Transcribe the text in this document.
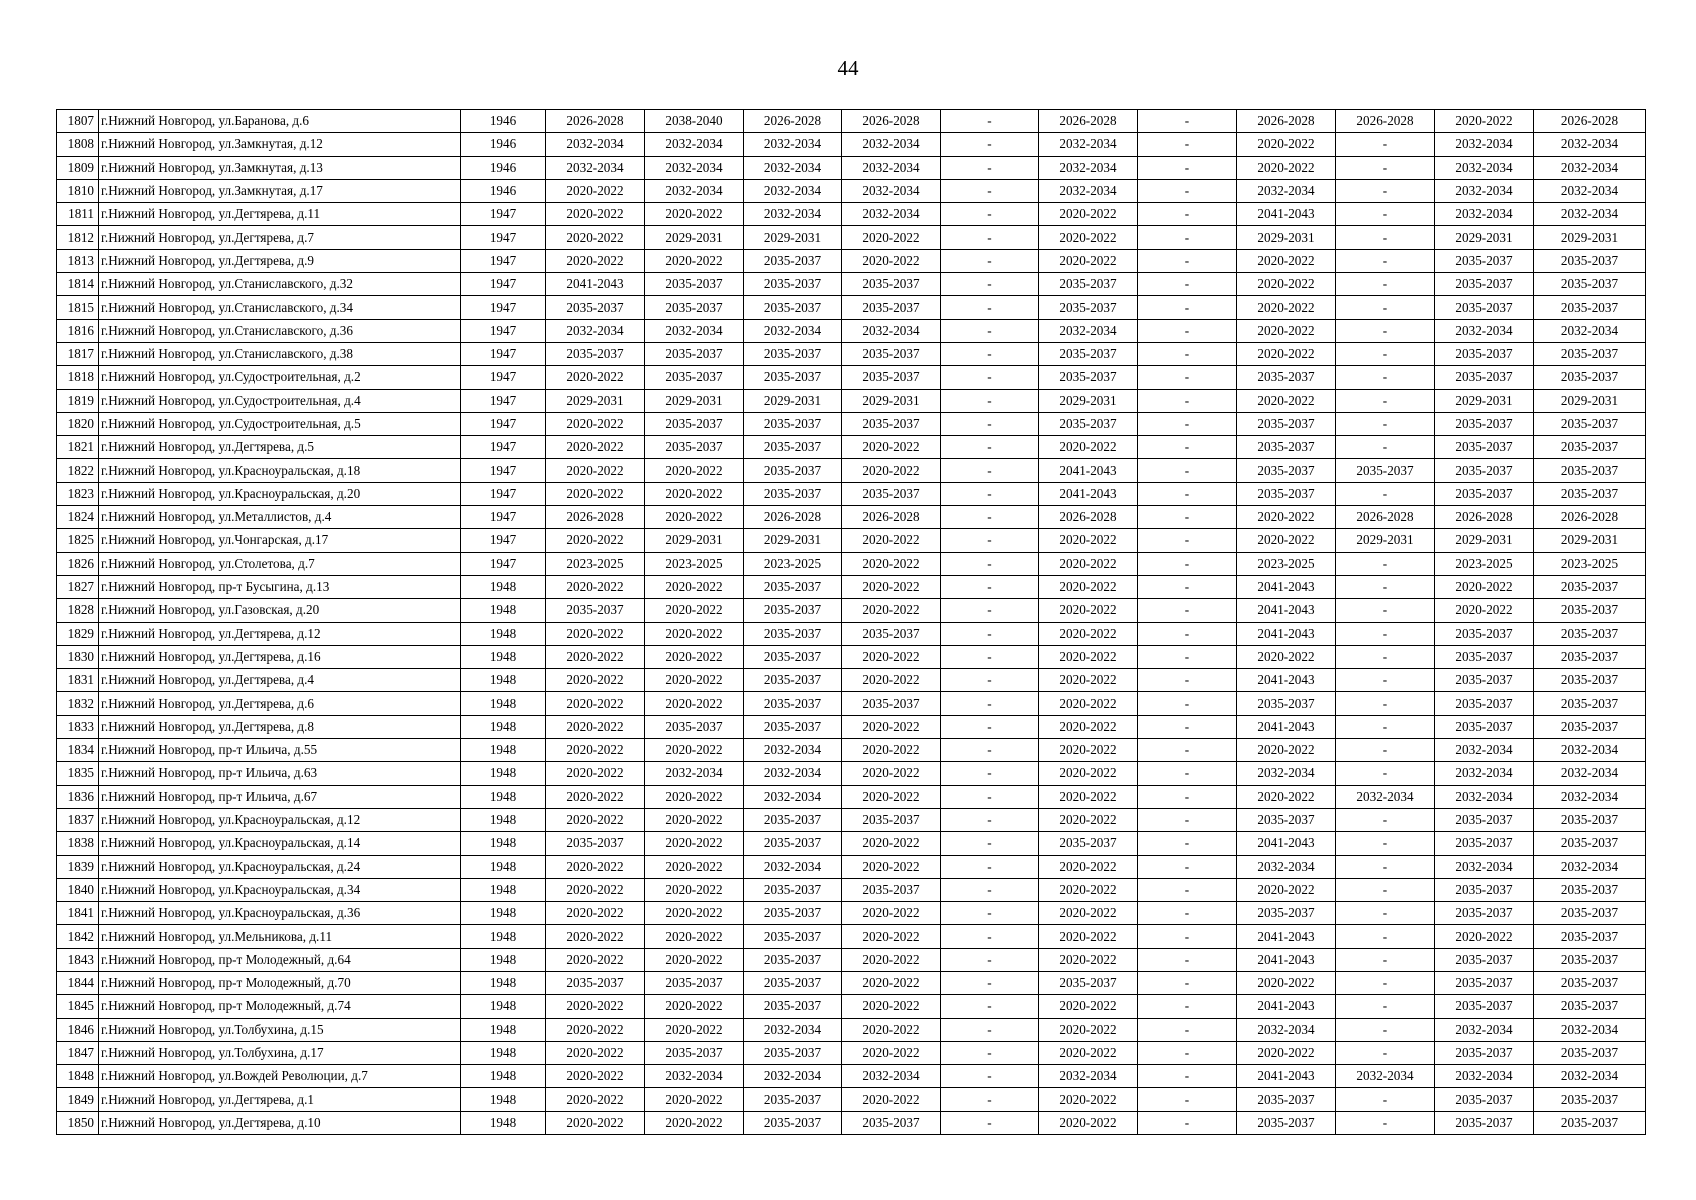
44
1807	г.Нижний Новгород, ул.Баранова, д.6	1946	2026-2028	2038-2040	2026-2028	2026-2028	-	2026-2028	-	2026-2028	2026-2028	2020-2022	2026-2028
1808	г.Нижний Новгород, ул.Замкнутая, д.12	1946	2032-2034	2032-2034	2032-2034	2032-2034	-	2032-2034	-	2020-2022	-	2032-2034	2032-2034
1809	г.Нижний Новгород, ул.Замкнутая, д.13	1946	2032-2034	2032-2034	2032-2034	2032-2034	-	2032-2034	-	2020-2022	-	2032-2034	2032-2034
1810	г.Нижний Новгород, ул.Замкнутая, д.17	1946	2020-2022	2032-2034	2032-2034	2032-2034	-	2032-2034	-	2032-2034	-	2032-2034	2032-2034
1811	г.Нижний Новгород, ул.Дегтярева, д.11	1947	2020-2022	2020-2022	2032-2034	2032-2034	-	2020-2022	-	2041-2043	-	2032-2034	2032-2034
1812	г.Нижний Новгород, ул.Дегтярева, д.7	1947	2020-2022	2029-2031	2029-2031	2020-2022	-	2020-2022	-	2029-2031	-	2029-2031	2029-2031
1813	г.Нижний Новгород, ул.Дегтярева, д.9	1947	2020-2022	2020-2022	2035-2037	2020-2022	-	2020-2022	-	2020-2022	-	2035-2037	2035-2037
1814	г.Нижний Новгород, ул.Станиславского, д.32	1947	2041-2043	2035-2037	2035-2037	2035-2037	-	2035-2037	-	2020-2022	-	2035-2037	2035-2037
1815	г.Нижний Новгород, ул.Станиславского, д.34	1947	2035-2037	2035-2037	2035-2037	2035-2037	-	2035-2037	-	2020-2022	-	2035-2037	2035-2037
1816	г.Нижний Новгород, ул.Станиславского, д.36	1947	2032-2034	2032-2034	2032-2034	2032-2034	-	2032-2034	-	2020-2022	-	2032-2034	2032-2034
1817	г.Нижний Новгород, ул.Станиславского, д.38	1947	2035-2037	2035-2037	2035-2037	2035-2037	-	2035-2037	-	2020-2022	-	2035-2037	2035-2037
1818	г.Нижний Новгород, ул.Судостроительная, д.2	1947	2020-2022	2035-2037	2035-2037	2035-2037	-	2035-2037	-	2035-2037	-	2035-2037	2035-2037
1819	г.Нижний Новгород, ул.Судостроительная, д.4	1947	2029-2031	2029-2031	2029-2031	2029-2031	-	2029-2031	-	2020-2022	-	2029-2031	2029-2031
1820	г.Нижний Новгород, ул.Судостроительная, д.5	1947	2020-2022	2035-2037	2035-2037	2035-2037	-	2035-2037	-	2035-2037	-	2035-2037	2035-2037
1821	г.Нижний Новгород, ул.Дегтярева, д.5	1947	2020-2022	2035-2037	2035-2037	2020-2022	-	2020-2022	-	2035-2037	-	2035-2037	2035-2037
1822	г.Нижний Новгород, ул.Красноуральская, д.18	1947	2020-2022	2020-2022	2035-2037	2020-2022	-	2041-2043	-	2035-2037	2035-2037	2035-2037	2035-2037
1823	г.Нижний Новгород, ул.Красноуральская, д.20	1947	2020-2022	2020-2022	2035-2037	2035-2037	-	2041-2043	-	2035-2037	-	2035-2037	2035-2037
1824	г.Нижний Новгород, ул.Металлистов, д.4	1947	2026-2028	2020-2022	2026-2028	2026-2028	-	2026-2028	-	2020-2022	2026-2028	2026-2028	2026-2028
1825	г.Нижний Новгород, ул.Чонгарская, д.17	1947	2020-2022	2029-2031	2029-2031	2020-2022	-	2020-2022	-	2020-2022	2029-2031	2029-2031	2029-2031
1826	г.Нижний Новгород, ул.Столетова, д.7	1947	2023-2025	2023-2025	2023-2025	2020-2022	-	2020-2022	-	2023-2025	-	2023-2025	2023-2025
1827	г.Нижний Новгород, пр-т Бусыгина, д.13	1948	2020-2022	2020-2022	2035-2037	2020-2022	-	2020-2022	-	2041-2043	-	2020-2022	2035-2037
1828	г.Нижний Новгород, ул.Газовская, д.20	1948	2035-2037	2020-2022	2035-2037	2020-2022	-	2020-2022	-	2041-2043	-	2020-2022	2035-2037
1829	г.Нижний Новгород, ул.Дегтярева, д.12	1948	2020-2022	2020-2022	2035-2037	2035-2037	-	2020-2022	-	2041-2043	-	2035-2037	2035-2037
1830	г.Нижний Новгород, ул.Дегтярева, д.16	1948	2020-2022	2020-2022	2035-2037	2020-2022	-	2020-2022	-	2020-2022	-	2035-2037	2035-2037
1831	г.Нижний Новгород, ул.Дегтярева, д.4	1948	2020-2022	2020-2022	2035-2037	2020-2022	-	2020-2022	-	2041-2043	-	2035-2037	2035-2037
1832	г.Нижний Новгород, ул.Дегтярева, д.6	1948	2020-2022	2020-2022	2035-2037	2035-2037	-	2020-2022	-	2035-2037	-	2035-2037	2035-2037
1833	г.Нижний Новгород, ул.Дегтярева, д.8	1948	2020-2022	2035-2037	2035-2037	2020-2022	-	2020-2022	-	2041-2043	-	2035-2037	2035-2037
1834	г.Нижний Новгород, пр-т Ильича, д.55	1948	2020-2022	2020-2022	2032-2034	2020-2022	-	2020-2022	-	2020-2022	-	2032-2034	2032-2034
1835	г.Нижний Новгород, пр-т Ильича, д.63	1948	2020-2022	2032-2034	2032-2034	2020-2022	-	2020-2022	-	2032-2034	-	2032-2034	2032-2034
1836	г.Нижний Новгород, пр-т Ильича, д.67	1948	2020-2022	2020-2022	2032-2034	2020-2022	-	2020-2022	-	2020-2022	2032-2034	2032-2034	2032-2034
1837	г.Нижний Новгород, ул.Красноуральская, д.12	1948	2020-2022	2020-2022	2035-2037	2035-2037	-	2020-2022	-	2035-2037	-	2035-2037	2035-2037
1838	г.Нижний Новгород, ул.Красноуральская, д.14	1948	2035-2037	2020-2022	2035-2037	2020-2022	-	2035-2037	-	2041-2043	-	2035-2037	2035-2037
1839	г.Нижний Новгород, ул.Красноуральская, д.24	1948	2020-2022	2020-2022	2032-2034	2020-2022	-	2020-2022	-	2032-2034	-	2032-2034	2032-2034
1840	г.Нижний Новгород, ул.Красноуральская, д.34	1948	2020-2022	2020-2022	2035-2037	2035-2037	-	2020-2022	-	2020-2022	-	2035-2037	2035-2037
1841	г.Нижний Новгород, ул.Красноуральская, д.36	1948	2020-2022	2020-2022	2035-2037	2020-2022	-	2020-2022	-	2035-2037	-	2035-2037	2035-2037
1842	г.Нижний Новгород, ул.Мельникова, д.11	1948	2020-2022	2020-2022	2035-2037	2020-2022	-	2020-2022	-	2041-2043	-	2020-2022	2035-2037
1843	г.Нижний Новгород, пр-т Молодежный, д.64	1948	2020-2022	2020-2022	2035-2037	2020-2022	-	2020-2022	-	2041-2043	-	2035-2037	2035-2037
1844	г.Нижний Новгород, пр-т Молодежный, д.70	1948	2035-2037	2035-2037	2035-2037	2020-2022	-	2035-2037	-	2020-2022	-	2035-2037	2035-2037
1845	г.Нижний Новгород, пр-т Молодежный, д.74	1948	2020-2022	2020-2022	2035-2037	2020-2022	-	2020-2022	-	2041-2043	-	2035-2037	2035-2037
1846	г.Нижний Новгород, ул.Толбухина, д.15	1948	2020-2022	2020-2022	2032-2034	2020-2022	-	2020-2022	-	2032-2034	-	2032-2034	2032-2034
1847	г.Нижний Новгород, ул.Толбухина, д.17	1948	2020-2022	2035-2037	2035-2037	2020-2022	-	2020-2022	-	2020-2022	-	2035-2037	2035-2037
1848	г.Нижний Новгород, ул.Вождей Революции, д.7	1948	2020-2022	2032-2034	2032-2034	2032-2034	-	2032-2034	-	2041-2043	2032-2034	2032-2034	2032-2034
1849	г.Нижний Новгород, ул.Дегтярева, д.1	1948	2020-2022	2020-2022	2035-2037	2020-2022	-	2020-2022	-	2035-2037	-	2035-2037	2035-2037
1850	г.Нижний Новгород, ул.Дегтярева, д.10	1948	2020-2022	2020-2022	2035-2037	2035-2037	-	2020-2022	-	2035-2037	-	2035-2037	2035-2037
